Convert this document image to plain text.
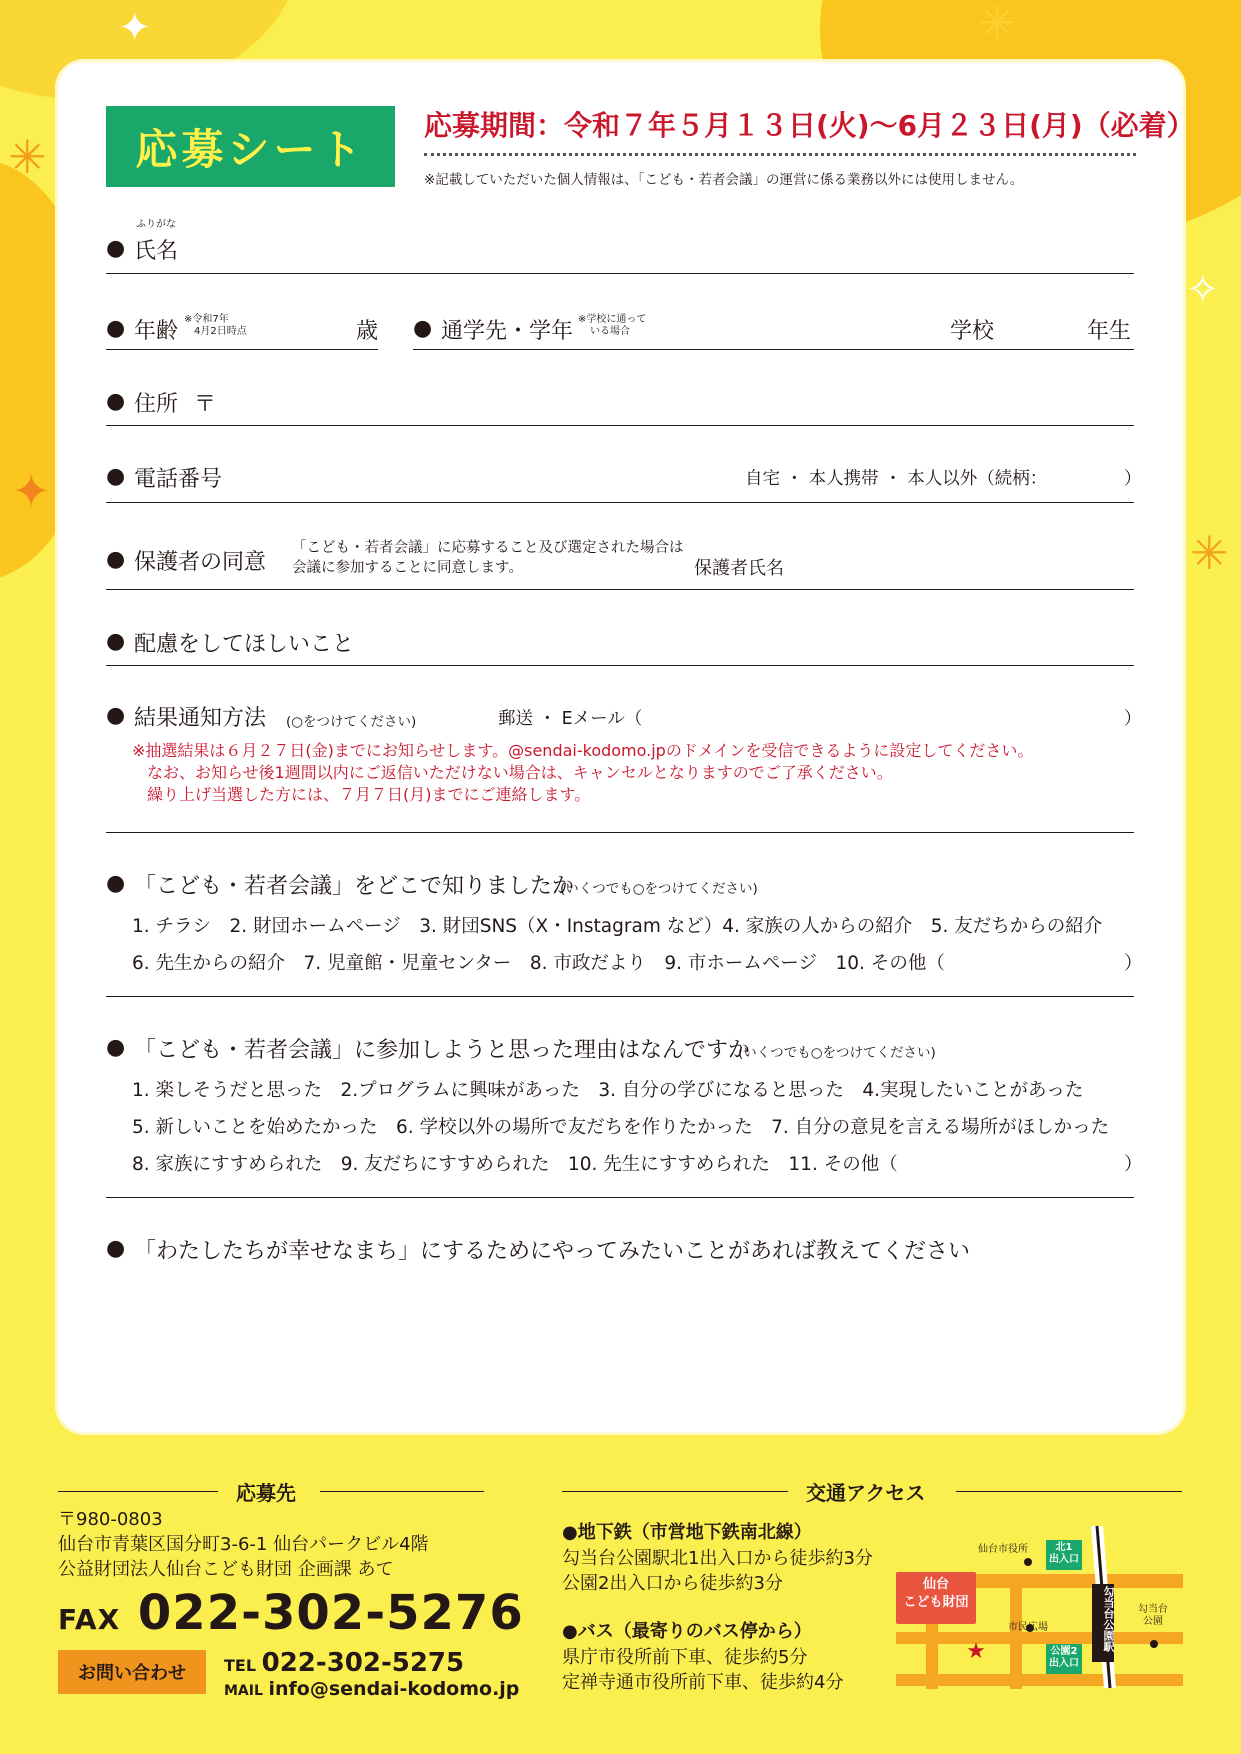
✦
✧
✳
✳
✳
✦
応募シート	応募期間：令和７年５月１３日(火)～6月２３日(月)（必着）
※記載していただいた個人情報は、「こども・若者会議」の運営に係る業務以外には使用しません。
ふりがな
● 氏名
● 年齢 ※令和7年
4月2日時点	歳 ● 通学先・学年 ※学校に通って
いる場合	学校	年生
● 住所 〒
● 電話番号	自宅 ・ 本人携帯 ・ 本人以外（続柄：	）
● 保護者の同意
「こども・若者会議」に応募すること及び選定された場合は
会議に参加することに同意します。	保護者氏名
● 配慮をしてほしいこと
● 結果通知方法 (○をつけてください)	郵送 ・ Eメール（	）
※抽選結果は６月２７日(金)までにお知らせします。@sendai-kodomo.jpのドメインを受信できるように設定してください。
なお、お知らせ後1週間以内にご返信いただけない場合は、キャンセルとなりますのでご了承ください。
繰り上げ当選した方には、７月７日(月)までにご連絡します。
● 「こども・若者会議」をどこで知りましたか
(いくつでも○をつけてください)
1. チラシ　2. 財団ホームページ　3. 財団SNS（X・Instagram など）4. 家族の人からの紹介　5. 友だちからの紹介
6. 先生からの紹介　7. 児童館・児童センター　8. 市政だより　9. 市ホームページ　10. その他（	）
● 「こども・若者会議」に参加しようと思った理由はなんですか
(いくつでも○をつけてください)
1. 楽しそうだと思った　2.プログラムに興味があった　3. 自分の学びになると思った　4.実現したいことがあった
5. 新しいことを始めたかった　6. 学校以外の場所で友だちを作りたかった　7. 自分の意見を言える場所がほしかった
8. 家族にすすめられた　9. 友だちにすすめられた　10. 先生にすすめられた　11. その他（	）
● 「わたしたちが幸せなまち」にするためにやってみたいことがあれば教えてください
応募先
〒980-0803
仙台市青葉区国分町3-6-1 仙台パークビル4階
公益財団法人仙台こども財団 企画課 あて
FAX 022-302-5276
お問い合わせ	TEL 022-302-5275
MAIL info@sendai-kodomo.jp
交通アクセス
●地下鉄（市営地下鉄南北線）
勾当台公園駅北1出入口から徒歩約3分
公園2出入口から徒歩約3分
●バス（最寄りのバス停から）
県庁市役所前下車、徒歩約5分
定禅寺通市役所前下車、徒歩約4分
★
仙台市役所	北1
出入口
仙台
こども財団
市民広場
公園2
出入口
勾当台公園駅 勾当台
公園
